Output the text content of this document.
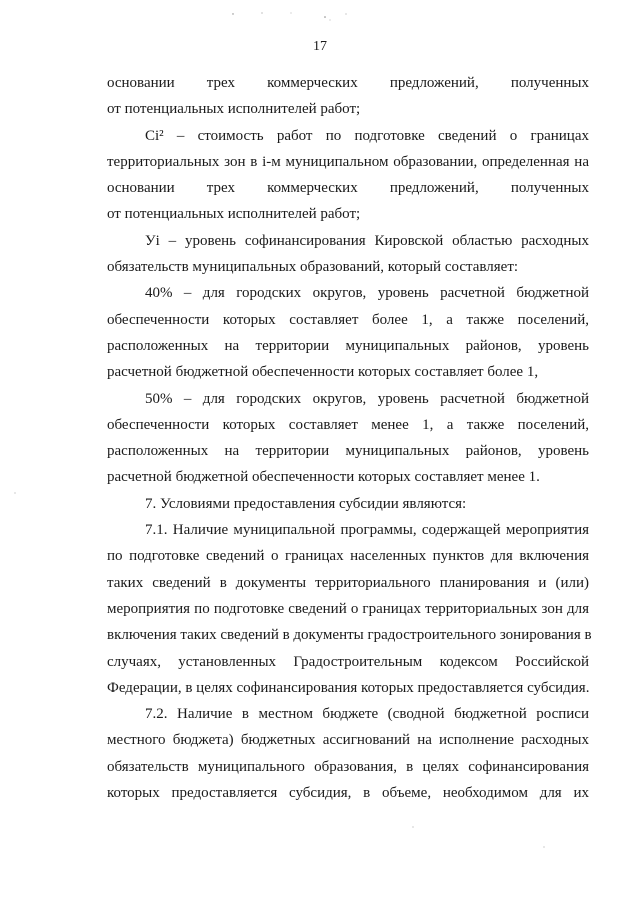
17

основании трех коммерческих предложений, полученных
от потенциальных исполнителей работ;

Ci² – стоимость работ по подготовке сведений о границах
территориальных зон в i-м муниципальном образовании, определенная на
основании трех коммерческих предложений, полученных
от потенциальных исполнителей работ;

Уi – уровень софинансирования Кировской областью расходных
обязательств муниципальных образований, который составляет:

40% – для городских округов, уровень расчетной бюджетной
обеспеченности которых составляет более 1, а также поселений,
расположенных на территории муниципальных районов, уровень
расчетной бюджетной обеспеченности которых составляет более 1,

50% – для городских округов, уровень расчетной бюджетной
обеспеченности которых составляет менее 1, а также поселений,
расположенных на территории муниципальных районов, уровень
расчетной бюджетной обеспеченности которых составляет менее 1.

7. Условиями предоставления субсидии являются:

7.1. Наличие муниципальной программы, содержащей мероприятия
по подготовке сведений о границах населенных пунктов для включения
таких сведений в документы территориального планирования и (или)
мероприятия по подготовке сведений о границах территориальных зон для
включения таких сведений в документы градостроительного зонирования в
случаях, установленных Градостроительным кодексом Российской
Федерации, в целях софинансирования которых предоставляется субсидия.

7.2. Наличие в местном бюджете (сводной бюджетной росписи
местного бюджета) бюджетных ассигнований на исполнение расходных
обязательств муниципального образования, в целях софинансирования
которых предоставляется субсидия, в объеме, необходимом для их
